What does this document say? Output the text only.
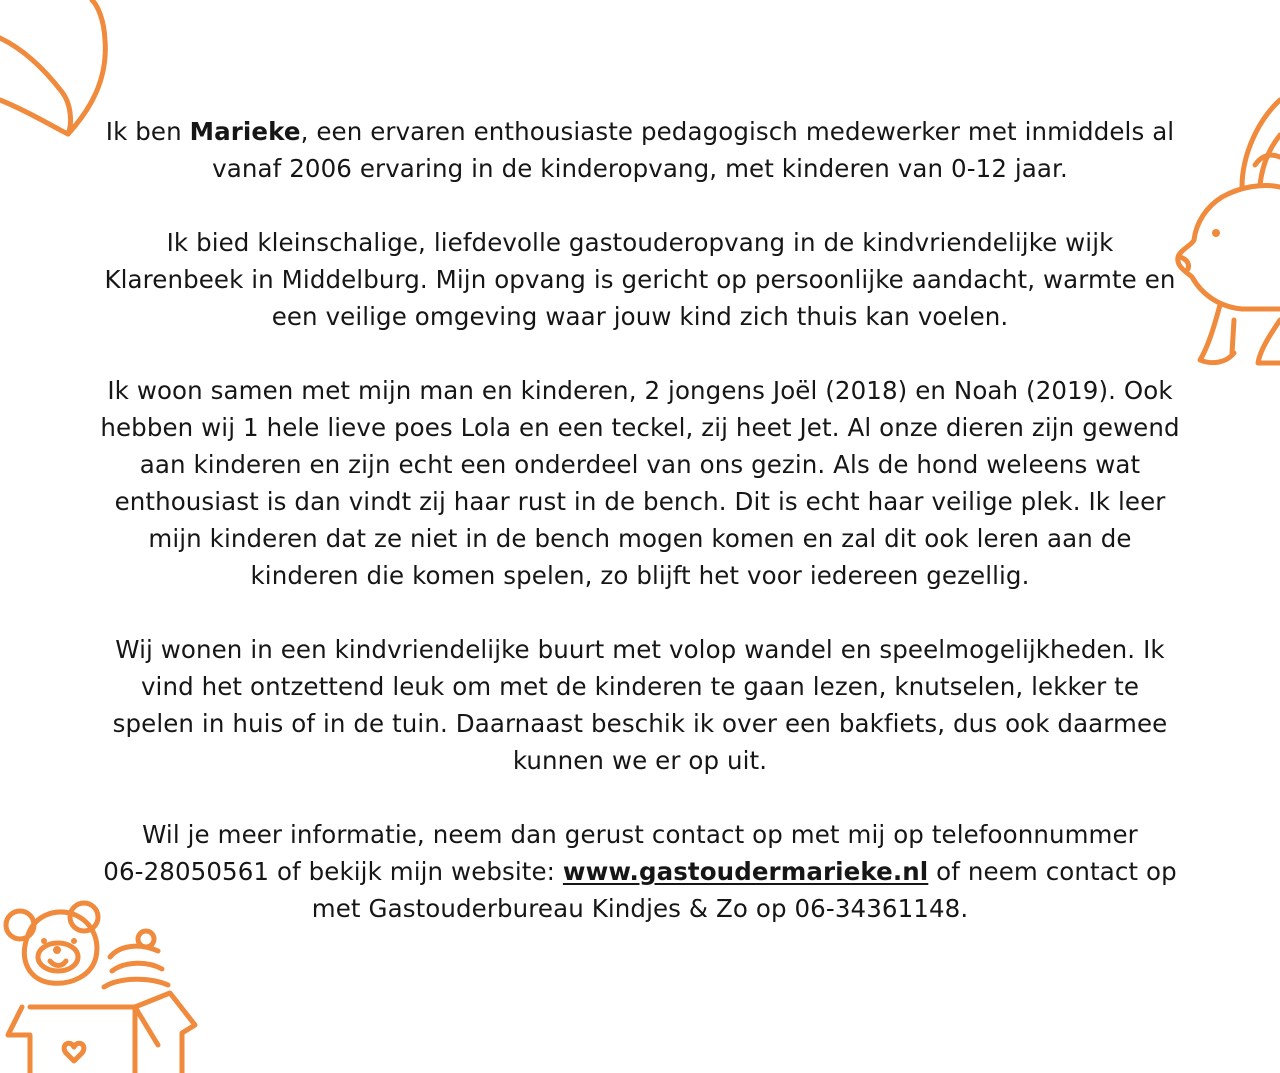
Ik ben Marieke, een ervaren enthousiaste pedagogisch medewerker met inmiddels al
vanaf 2006 ervaring in de kinderopvang, met kinderen van 0-12 jaar.

Ik bied kleinschalige, liefdevolle gastouderopvang in de kindvriendelijke wijk
Klarenbeek in Middelburg. Mijn opvang is gericht op persoonlijke aandacht, warmte en
een veilige omgeving waar jouw kind zich thuis kan voelen.

Ik woon samen met mijn man en kinderen, 2 jongens Joël (2018) en Noah (2019). Ook
hebben wij 1 hele lieve poes Lola en een teckel, zij heet Jet. Al onze dieren zijn gewend
aan kinderen en zijn echt een onderdeel van ons gezin. Als de hond weleens wat
enthousiast is dan vindt zij haar rust in de bench. Dit is echt haar veilige plek. Ik leer
mijn kinderen dat ze niet in de bench mogen komen en zal dit ook leren aan de
kinderen die komen spelen, zo blijft het voor iedereen gezellig.

Wij wonen in een kindvriendelijke buurt met volop wandel en speelmogelijkheden. Ik
vind het ontzettend leuk om met de kinderen te gaan lezen, knutselen, lekker te
spelen in huis of in de tuin. Daarnaast beschik ik over een bakfiets, dus ook daarmee
kunnen we er op uit.

Wil je meer informatie, neem dan gerust contact op met mij op telefoonnummer
06-28050561 of bekijk mijn website: www.gastoudermarieke.nl of neem contact op
met Gastouderbureau Kindjes & Zo op 06-34361148.
